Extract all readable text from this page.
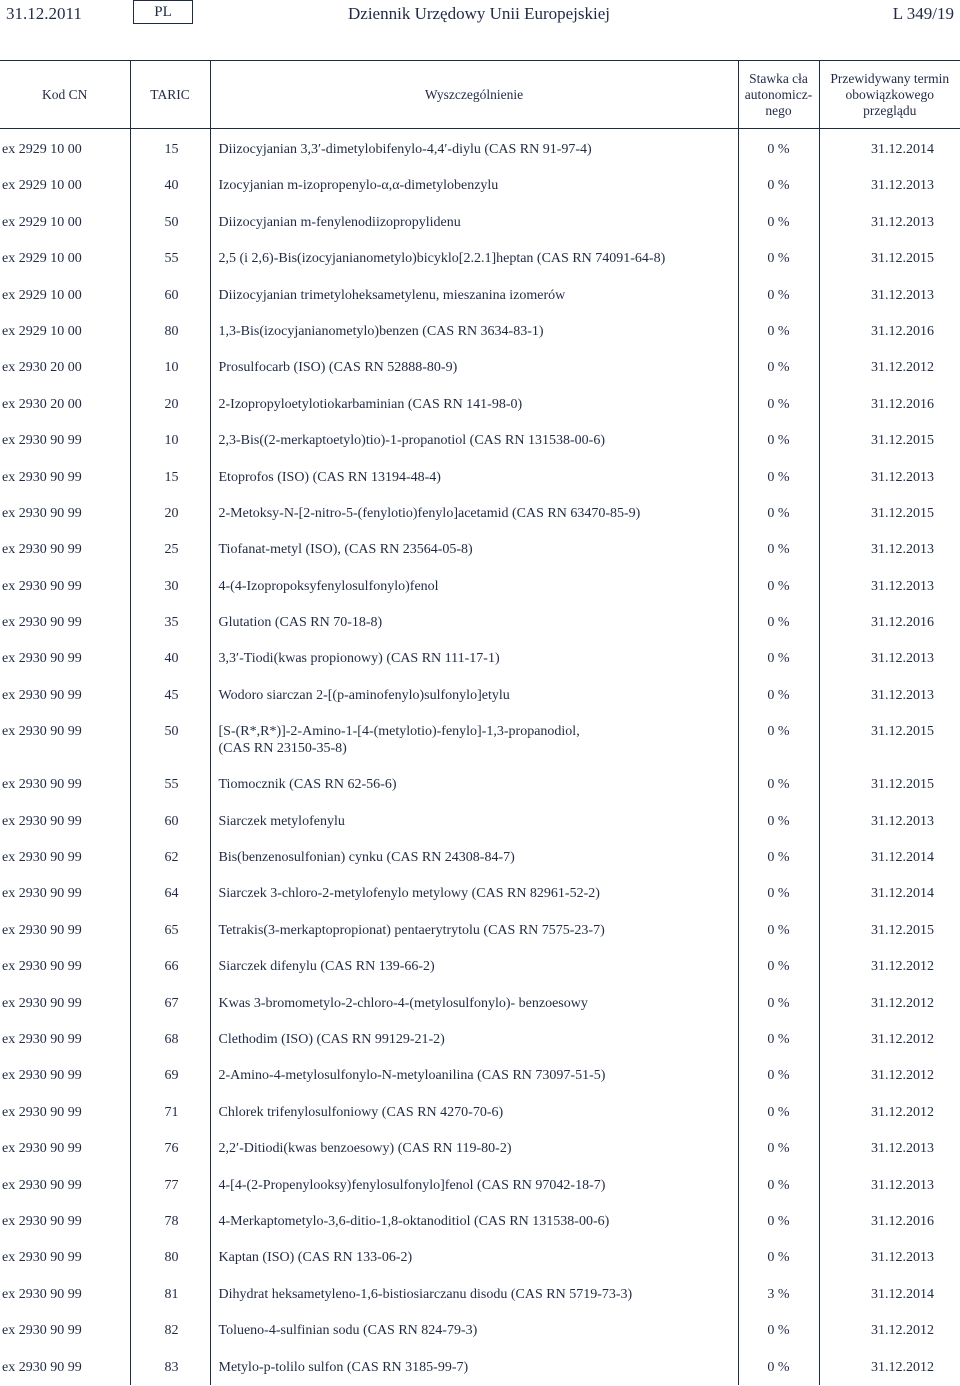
31.12.2011	PL	Dziennik Urzędowy Unii Europejskiej	L 349/19
Kod CN	TARIC	Wyszczególnienie	Stawka cła autonomicz-nego	Przewidywany termin obowiązkowego przeglądu
ex 2929 10 00	15	Diizocyjanian 3,3′-dimetylobifenylo-4,4′-diylu (CAS RN 91-97-4)	0 %	31.12.2014
ex 2929 10 00	40	Izocyjanian m-izopropenylo-α,α-dimetylobenzylu	0 %	31.12.2013
ex 2929 10 00	50	Diizocyjanian m-fenylenodiizopropylidenu	0 %	31.12.2013
ex 2929 10 00	55	2,5 (i 2,6)-Bis(izocyjanianometylo)bicyklo[2.2.1]heptan (CAS RN 74091-64-8)	0 %	31.12.2015
ex 2929 10 00	60	Diizocyjanian trimetyloheksametylenu, mieszanina izomerów	0 %	31.12.2013
ex 2929 10 00	80	1,3-Bis(izocyjanianometylo)benzen (CAS RN 3634-83-1)	0 %	31.12.2016
ex 2930 20 00	10	Prosulfocarb (ISO) (CAS RN 52888-80-9)	0 %	31.12.2012
ex 2930 20 00	20	2-Izopropyloetylotiokarbaminian (CAS RN 141-98-0)	0 %	31.12.2016
ex 2930 90 99	10	2,3-Bis((2-merkaptoetylo)tio)-1-propanotiol (CAS RN 131538-00-6)	0 %	31.12.2015
ex 2930 90 99	15	Etoprofos (ISO) (CAS RN 13194-48-4)	0 %	31.12.2013
ex 2930 90 99	20	2-Metoksy-N-[2-nitro-5-(fenylotio)fenylo]acetamid (CAS RN 63470-85-9)	0 %	31.12.2015
ex 2930 90 99	25	Tiofanat-metyl (ISO), (CAS RN 23564-05-8)	0 %	31.12.2013
ex 2930 90 99	30	4-(4-Izopropoksyfenylosulfonylo)fenol	0 %	31.12.2013
ex 2930 90 99	35	Glutation (CAS RN 70-18-8)	0 %	31.12.2016
ex 2930 90 99	40	3,3′-Tiodi(kwas propionowy) (CAS RN 111-17-1)	0 %	31.12.2013
ex 2930 90 99	45	Wodoro siarczan 2-[(p-aminofenylo)sulfonylo]etylu	0 %	31.12.2013
ex 2930 90 99	50	[S-(R*,R*)]-2-Amino-1-[4-(metylotio)-fenylo]-1,3-propanodiol,
(CAS RN 23150-35-8)	0 %	31.12.2015
ex 2930 90 99	55	Tiomocznik (CAS RN 62-56-6)	0 %	31.12.2015
ex 2930 90 99	60	Siarczek metylofenylu	0 %	31.12.2013
ex 2930 90 99	62	Bis(benzenosulfonian) cynku (CAS RN 24308-84-7)	0 %	31.12.2014
ex 2930 90 99	64	Siarczek 3-chloro-2-metylofenylo metylowy (CAS RN 82961-52-2)	0 %	31.12.2014
ex 2930 90 99	65	Tetrakis(3-merkaptopropionat) pentaerytrytolu (CAS RN 7575-23-7)	0 %	31.12.2015
ex 2930 90 99	66	Siarczek difenylu (CAS RN 139-66-2)	0 %	31.12.2012
ex 2930 90 99	67	Kwas 3-bromometylo-2-chloro-4-(metylosulfonylo)- benzoesowy	0 %	31.12.2012
ex 2930 90 99	68	Clethodim (ISO) (CAS RN 99129-21-2)	0 %	31.12.2012
ex 2930 90 99	69	2-Amino-4-metylosulfonylo-N-metyloanilina (CAS RN 73097-51-5)	0 %	31.12.2012
ex 2930 90 99	71	Chlorek trifenylosulfoniowy (CAS RN 4270-70-6)	0 %	31.12.2012
ex 2930 90 99	76	2,2′-Ditiodi(kwas benzoesowy) (CAS RN 119-80-2)	0 %	31.12.2013
ex 2930 90 99	77	4-[4-(2-Propenylooksy)fenylosulfonylo]fenol (CAS RN 97042-18-7)	0 %	31.12.2013
ex 2930 90 99	78	4-Merkaptometylo-3,6-ditio-1,8-oktanoditiol (CAS RN 131538-00-6)	0 %	31.12.2016
ex 2930 90 99	80	Kaptan (ISO) (CAS RN 133-06-2)	0 %	31.12.2013
ex 2930 90 99	81	Dihydrat heksametyleno-1,6-bistiosiarczanu disodu (CAS RN 5719-73-3)	3 %	31.12.2014
ex 2930 90 99	82	Tolueno-4-sulfinian sodu (CAS RN 824-79-3)	0 %	31.12.2012
ex 2930 90 99	83	Metylo-p-tolilo sulfon (CAS RN 3185-99-7)	0 %	31.12.2012
